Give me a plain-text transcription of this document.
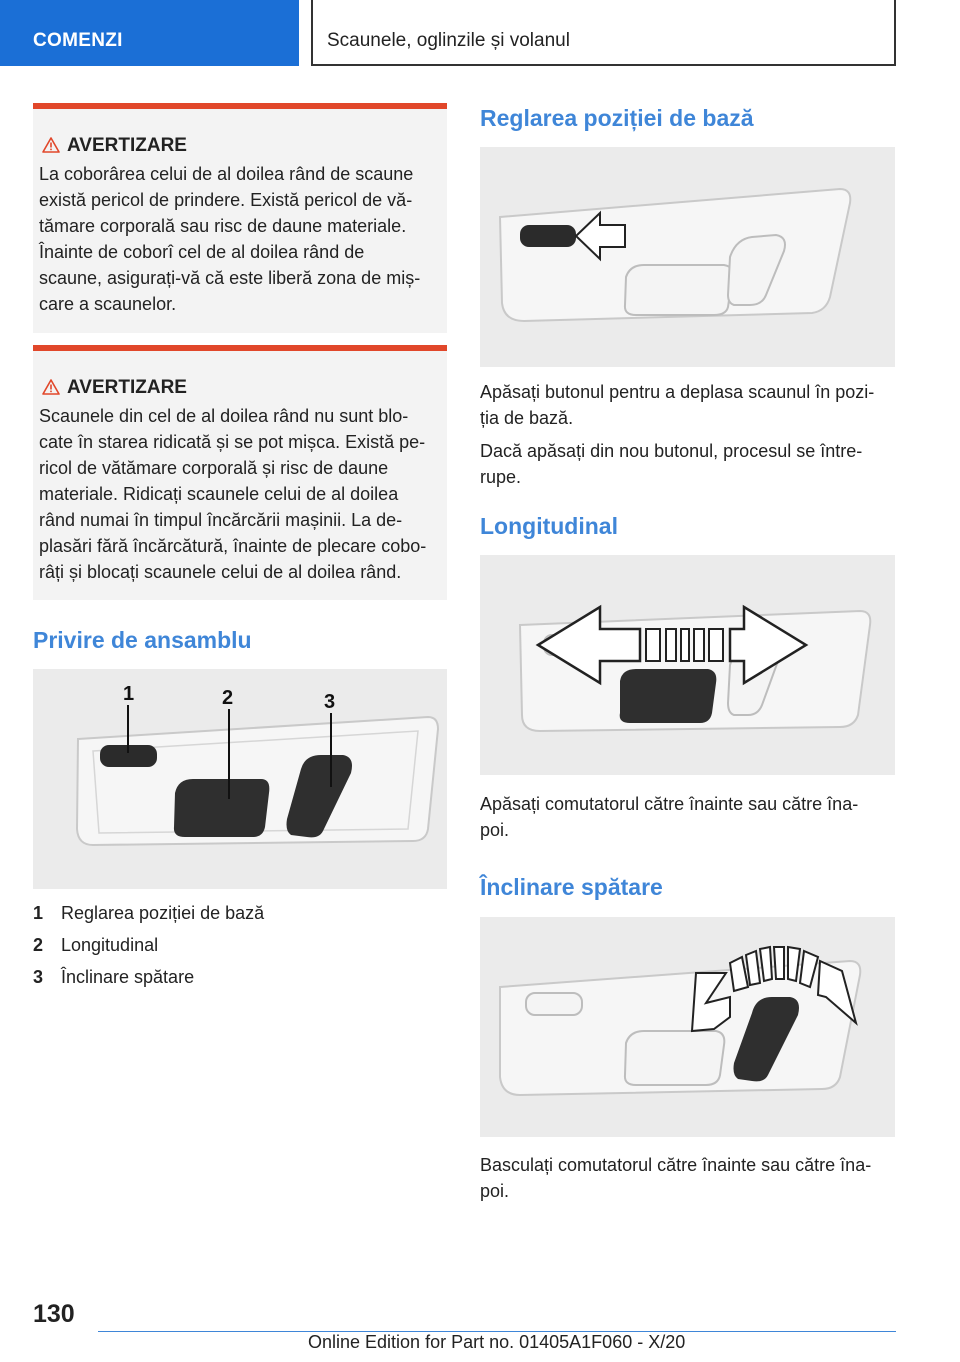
COMENZI	Scaunele, oglinzile și volanul
AVERTIZARE
La coborârea celui de al doilea rând de scaune
există pericol de prindere. Există pericol de vă-
tămare corporală sau risc de daune materiale.
Înainte de coborî cel de al doilea rând de
scaune, asigurați-vă că este liberă zona de miș-
care a scaunelor.
AVERTIZARE
Scaunele din cel de al doilea rând nu sunt blo-
cate în starea ridicată și se pot mișca. Există pe-
ricol de vătămare corporală și risc de daune
materiale. Ridicați scaunele celui de al doilea
rând numai în timpul încărcării mașinii. La de-
plasări fără încărcătură, înainte de plecare cobo-
râți și blocați scaunele celui de al doilea rând.
Privire de ansamblu
1	2	3
1 Reglarea poziției de bază
2 Longitudinal
3 Înclinare spătare
Reglarea poziției de bază
Apăsați butonul pentru a deplasa scaunul în pozi-
ția de bază.
Dacă apăsați din nou butonul, procesul se între-
rupe.
Longitudinal
Apăsați comutatorul către înainte sau către îna-
poi.
Înclinare spătare
Basculați comutatorul către înainte sau către îna-
poi.
130
Online Edition for Part no. 01405A1F060 - X/20
